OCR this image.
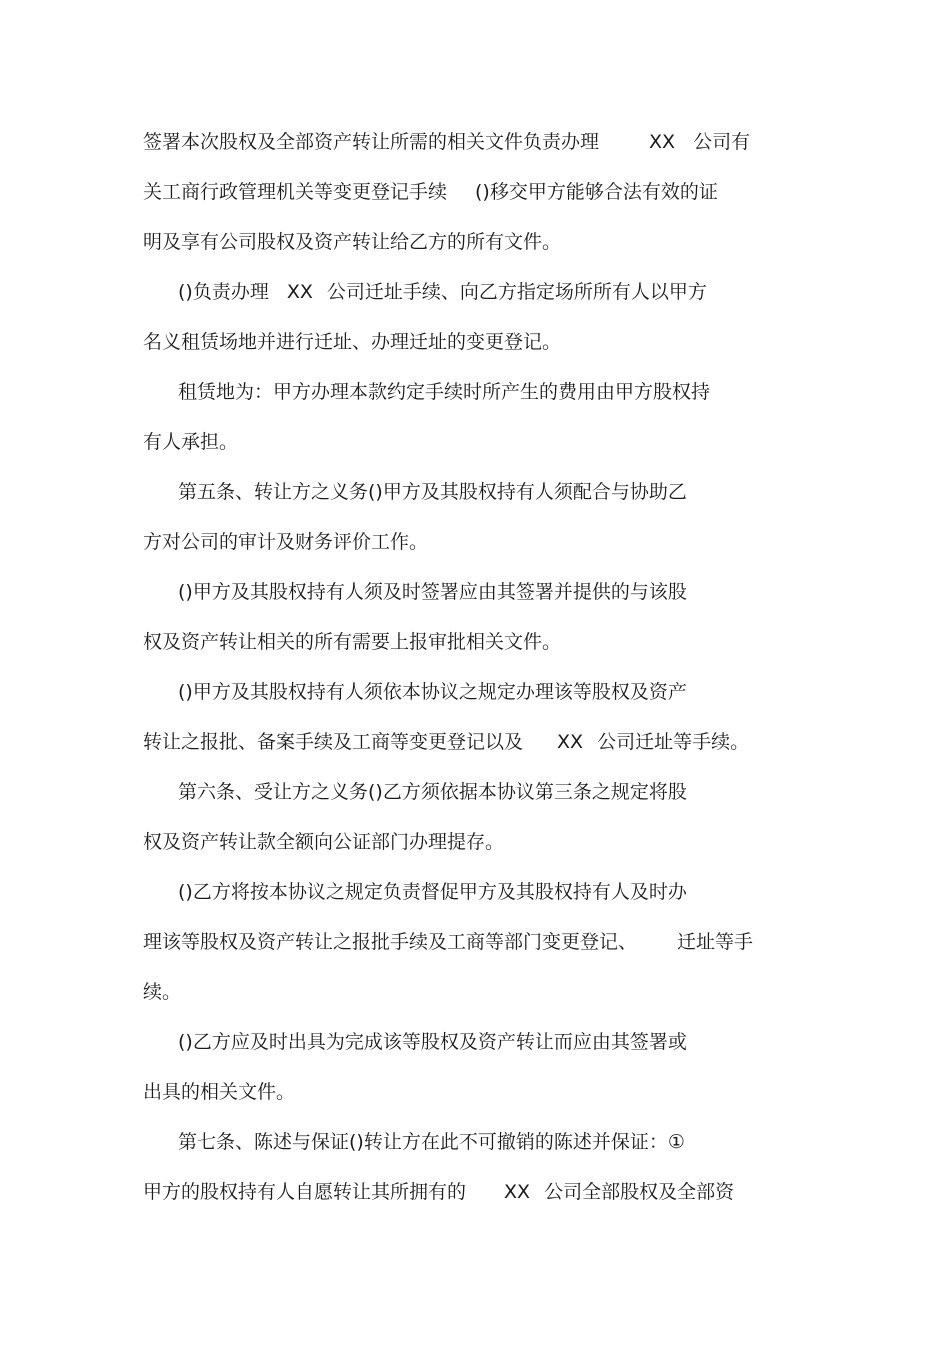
签署本次股权及全部资产转让所需的相关文件负责办理	XX 公司有
关工商行政管理机关等变更登记手续 ()移交甲方能够合法有效的证
明及享有公司股权及资产转让给乙方的所有文件。
()负责办理 XX 公司迁址手续、向乙方指定场所所有人以甲方
名义租赁场地并进行迁址、办理迁址的变更登记。
租赁地为：甲方办理本款约定手续时所产生的费用由甲方股权持
有人承担。
第五条、转让方之义务()甲方及其股权持有人须配合与协助乙
方对公司的审计及财务评价工作。
()甲方及其股权持有人须及时签署应由其签署并提供的与该股
权及资产转让相关的所有需要上报审批相关文件。
()甲方及其股权持有人须依本协议之规定办理该等股权及资产
转让之报批、备案手续及工商等变更登记以及 XX 公司迁址等手续。
第六条、受让方之义务()乙方须依据本协议第三条之规定将股
权及资产转让款全额向公证部门办理提存。
()乙方将按本协议之规定负责督促甲方及其股权持有人及时办
理该等股权及资产转让之报批手续及工商等部门变更登记、 迁址等手
续。
()乙方应及时出具为完成该等股权及资产转让而应由其签署或
出具的相关文件。
第七条、陈述与保证()转让方在此不可撤销的陈述并保证：①
甲方的股权持有人自愿转让其所拥有的 XX 公司全部股权及全部资
